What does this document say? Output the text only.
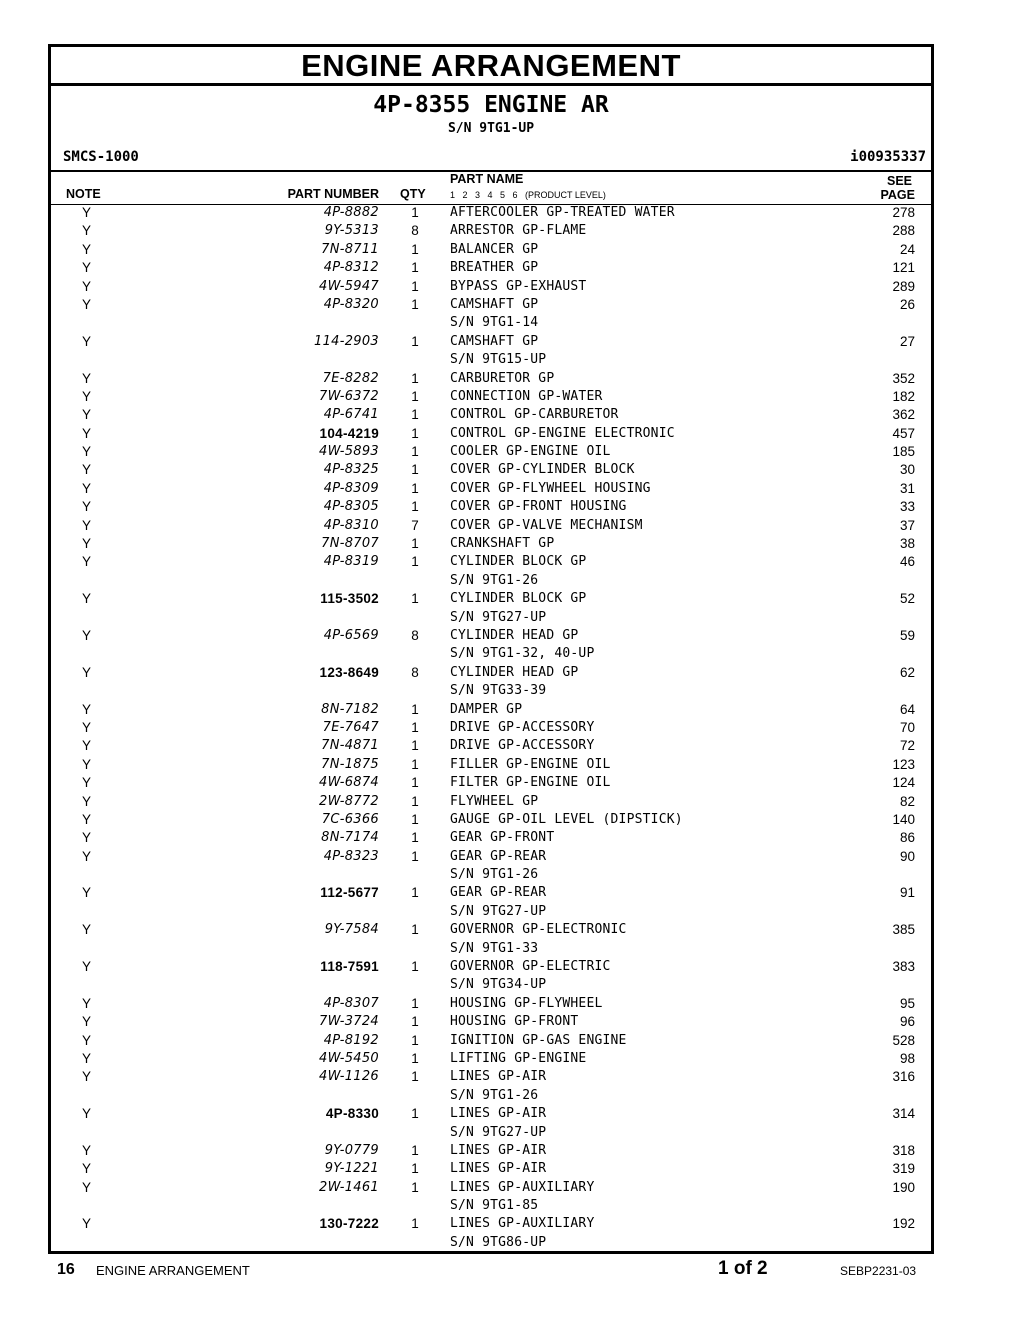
ENGINE ARRANGEMENT
4P-8355 ENGINE AR
S/N 9TG1-UP
SMCS-1000	i00935337
NOTE	PART NUMBER QTY
PART NAME
1   2   3   4   5   6   (PRODUCT LEVEL)
SEE
PAGE
Y	4P-8882 1 AFTERCOOLER GP-TREATED WATER	278
Y	9Y-5313 8 ARRESTOR GP-FLAME	288
Y	7N-8711 1 BALANCER GP	24
Y	4P-8312 1 BREATHER GP	121
Y	4W-5947 1 BYPASS GP-EXHAUST	289
Y	4P-8320 1 CAMSHAFT GP	26
S/N 9TG1-14
Y	114-2903 1 CAMSHAFT GP	27
S/N 9TG15-UP
Y	7E-8282 1 CARBURETOR GP	352
Y	7W-6372 1 CONNECTION GP-WATER	182
Y	4P-6741 1 CONTROL GP-CARBURETOR	362
Y	104-4219 1 CONTROL GP-ENGINE ELECTRONIC	457
Y	4W-5893 1 COOLER GP-ENGINE OIL	185
Y	4P-8325 1 COVER GP-CYLINDER BLOCK	30
Y	4P-8309 1 COVER GP-FLYWHEEL HOUSING	31
Y	4P-8305 1 COVER GP-FRONT HOUSING	33
Y	4P-8310 7 COVER GP-VALVE MECHANISM	37
Y	7N-8707 1 CRANKSHAFT GP	38
Y	4P-8319 1 CYLINDER BLOCK GP	46
S/N 9TG1-26
Y	115-3502 1 CYLINDER BLOCK GP	52
S/N 9TG27-UP
Y	4P-6569 8 CYLINDER HEAD GP	59
S/N 9TG1-32, 40-UP
Y	123-8649 8 CYLINDER HEAD GP	62
S/N 9TG33-39
Y	8N-7182 1 DAMPER GP	64
Y	7E-7647 1 DRIVE GP-ACCESSORY	70
Y	7N-4871 1 DRIVE GP-ACCESSORY	72
Y	7N-1875 1 FILLER GP-ENGINE OIL	123
Y	4W-6874 1 FILTER GP-ENGINE OIL	124
Y	2W-8772 1 FLYWHEEL GP	82
Y	7C-6366 1 GAUGE GP-OIL LEVEL (DIPSTICK)	140
Y	8N-7174 1 GEAR GP-FRONT	86
Y	4P-8323 1 GEAR GP-REAR	90
S/N 9TG1-26
Y	112-5677 1 GEAR GP-REAR	91
S/N 9TG27-UP
Y	9Y-7584 1 GOVERNOR GP-ELECTRONIC	385
S/N 9TG1-33
Y	118-7591 1 GOVERNOR GP-ELECTRIC	383
S/N 9TG34-UP
Y	4P-8307 1 HOUSING GP-FLYWHEEL	95
Y	7W-3724 1 HOUSING GP-FRONT	96
Y	4P-8192 1 IGNITION GP-GAS ENGINE	528
Y	4W-5450 1 LIFTING GP-ENGINE	98
Y	4W-1126 1 LINES GP-AIR	316
S/N 9TG1-26
Y	4P-8330 1 LINES GP-AIR	314
S/N 9TG27-UP
Y	9Y-0779 1 LINES GP-AIR	318
Y	9Y-1221 1 LINES GP-AIR	319
Y	2W-1461 1 LINES GP-AUXILIARY	190
S/N 9TG1-85
Y	130-7222 1 LINES GP-AUXILIARY	192
S/N 9TG86-UP
16 ENGINE ARRANGEMENT	1 of 2	SEBP2231-03
